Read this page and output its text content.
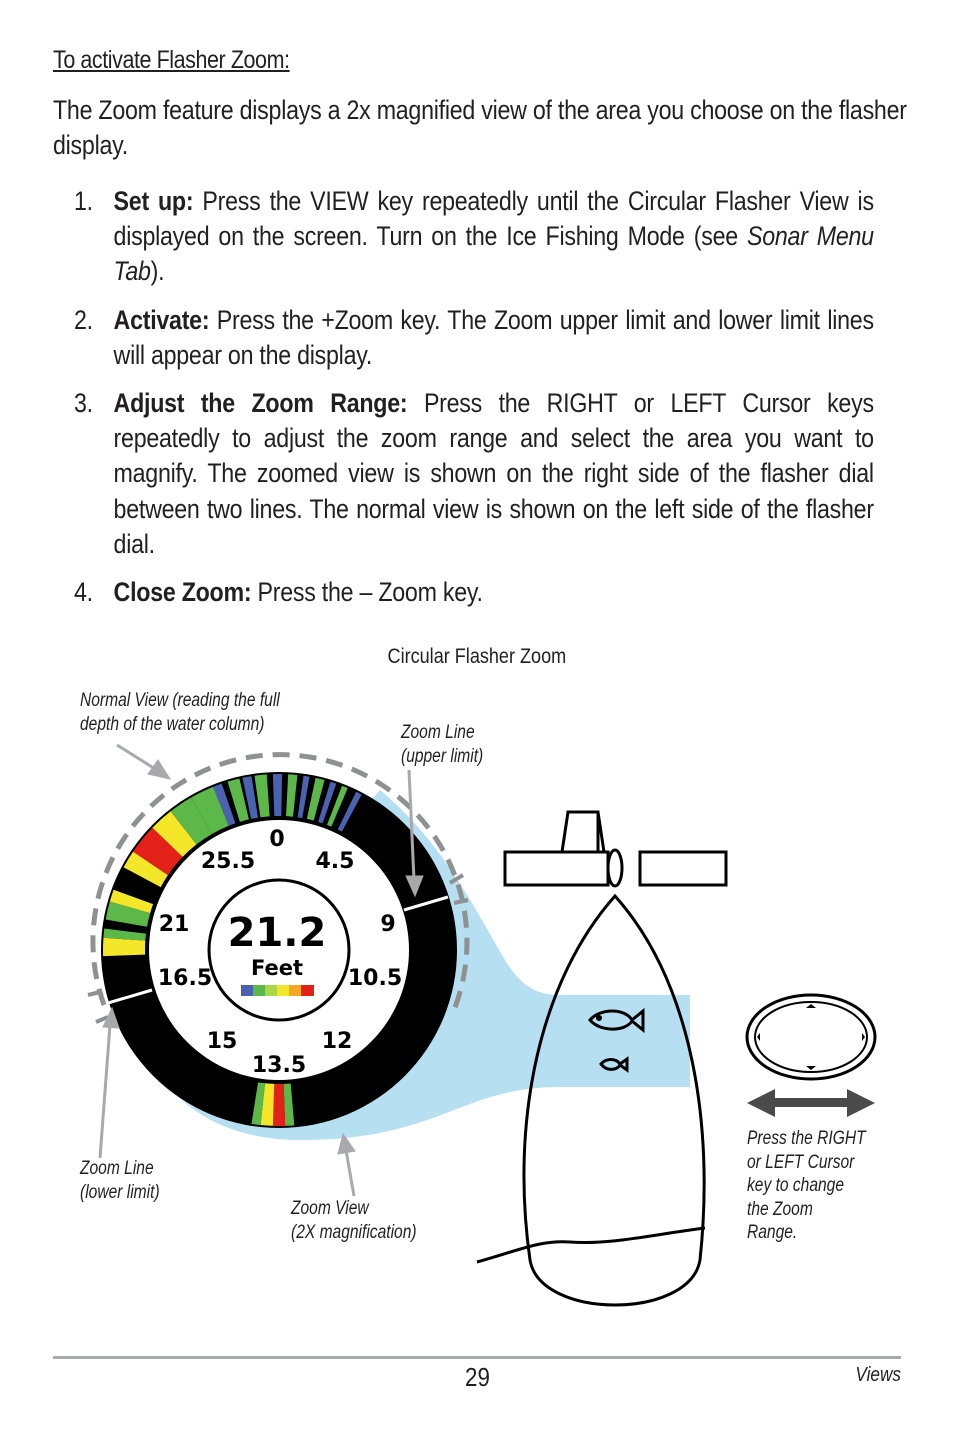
To activate Flasher Zoom:
The Zoom feature displays a 2x magnified view of the area you choose on the flasher display.
1. Set up: Press the VIEW key repeatedly until the Circular Flasher View is displayed on the screen. Turn on the Ice Fishing Mode (see Sonar Menu Tab).
2. Activate: Press the +Zoom key. The Zoom upper limit and lower limit lines will appear on the display.
3. Adjust the Zoom Range: Press the RIGHT or LEFT Cursor keys repeatedly to adjust the zoom range and select the area you want to magnify. The zoomed view is shown on the right side of the flasher dial between two lines. The normal view is shown on the left side of the flasher dial.
4. Close Zoom: Press the – Zoom key.
Circular Flasher Zoom
0
4.5
9
10.5
12
13.5
15
16.5
21
25.5
21.2
Feet
Normal View (reading the full
depth of the water column)	Zoom Line
(upper limit)
Zoom Line
(lower limit)
Zoom View
(2X magnification)
Press the RIGHT
or LEFT Cursor
key to change
the Zoom
Range.
29	Views
